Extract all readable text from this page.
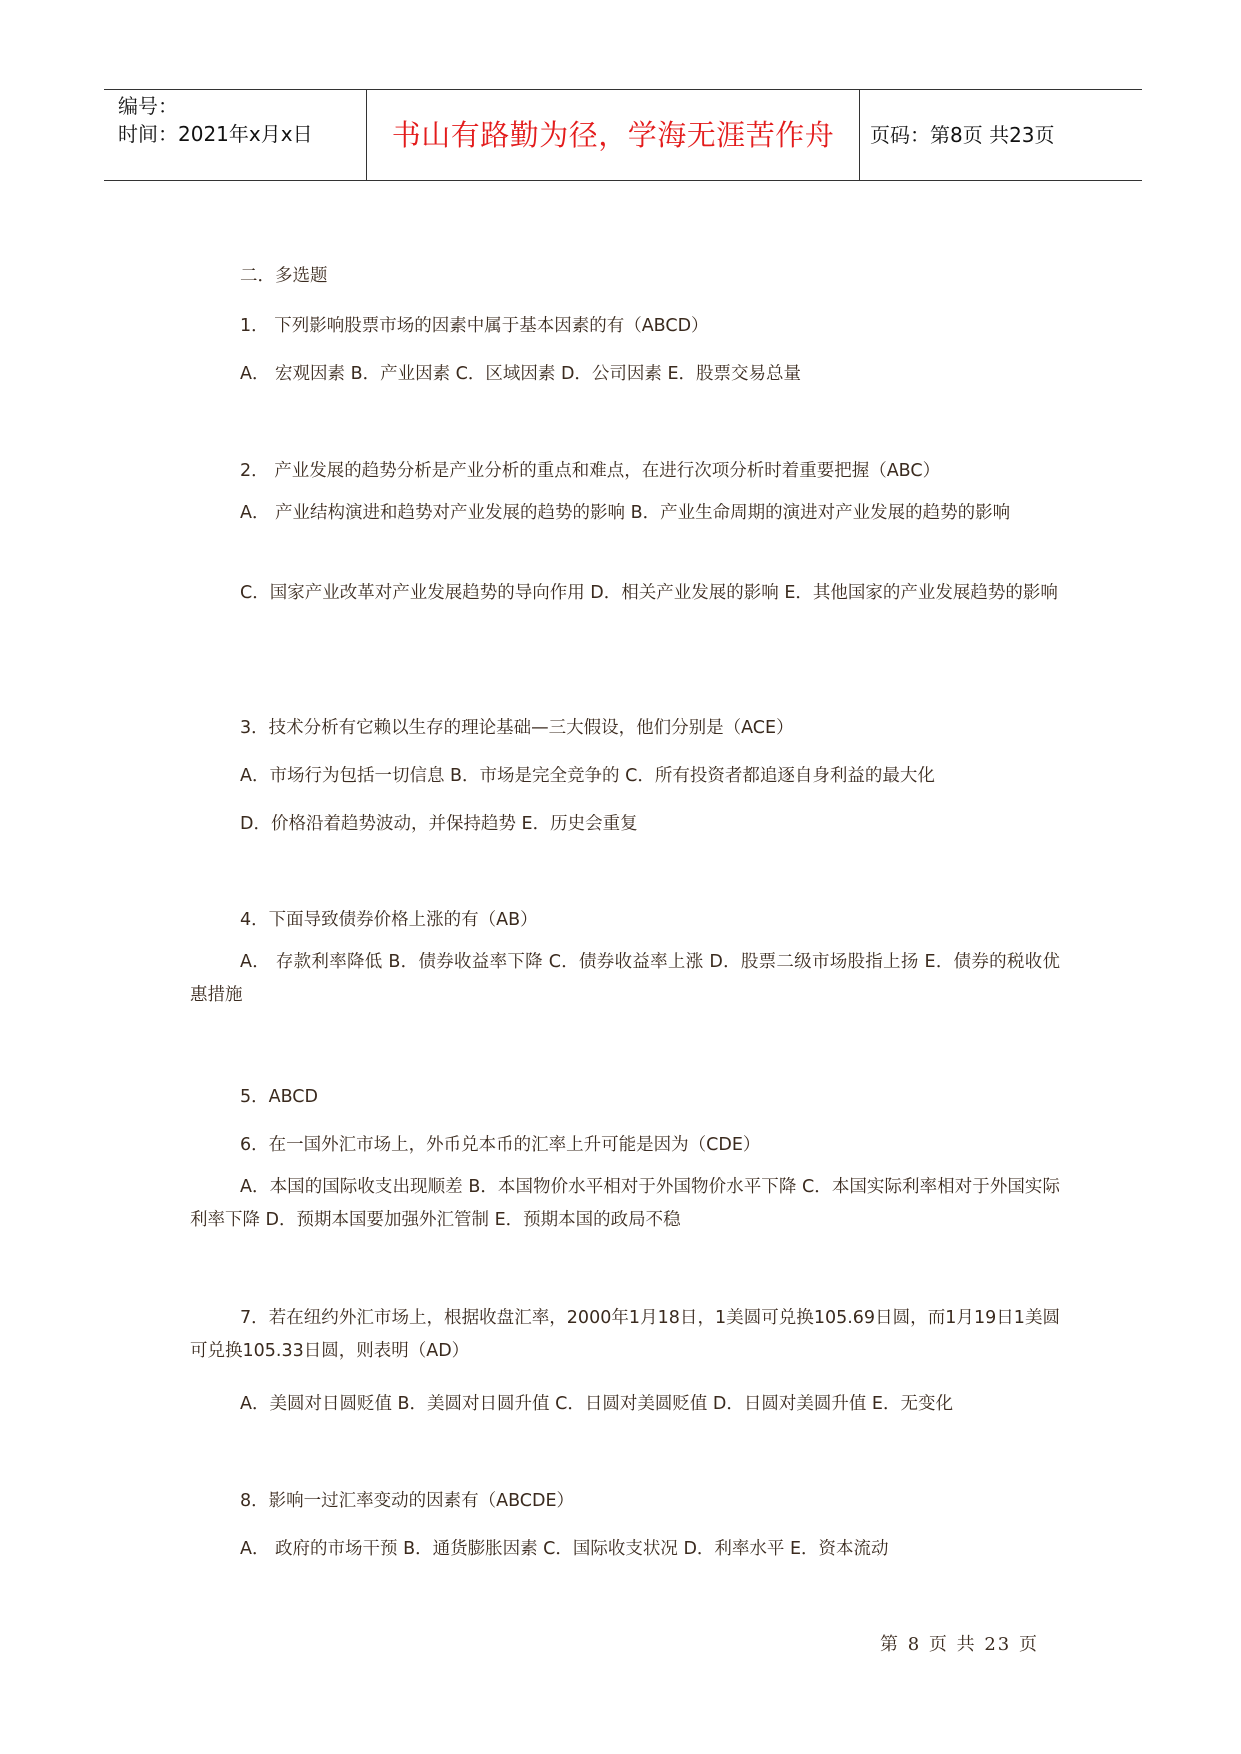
编号：
时间：2021年x月x日	书山有路勤为径，学海无涯苦作舟	页码：第8页 共23页
二．多选题
1． 下列影响股票市场的因素中属于基本因素的有（ABCD）
A． 宏观因素 B．产业因素 C．区域因素 D．公司因素 E．股票交易总量
2． 产业发展的趋势分析是产业分析的重点和难点，在进行次项分析时着重要把握（ABC）
A． 产业结构演进和趋势对产业发展的趋势的影响 B．产业生命周期的演进对产业发展的趋势的影响
C．国家产业改革对产业发展趋势的导向作用 D．相关产业发展的影响 E．其他国家的产业发展趋势的影响
3．技术分析有它赖以生存的理论基础—三大假设，他们分别是（ACE）
A．市场行为包括一切信息 B．市场是完全竞争的 C．所有投资者都追逐自身利益的最大化
D．价格沿着趋势波动，并保持趋势 E．历史会重复
4．下面导致债券价格上涨的有（AB）
A． 存款利率降低 B．债券收益率下降 C．债券收益率上涨 D．股票二级市场股指上扬 E．债券的税收优惠措施
5．ABCD
6．在一国外汇市场上，外币兑本币的汇率上升可能是因为（CDE）
A．本国的国际收支出现顺差 B．本国物价水平相对于外国物价水平下降 C．本国实际利率相对于外国实际利率下降 D．预期本国要加强外汇管制 E．预期本国的政局不稳
7．若在纽约外汇市场上，根据收盘汇率，2000年1月18日，1美圆可兑换105.69日圆，而1月19日1美圆可兑换105.33日圆，则表明（AD）
A．美圆对日圆贬值 B．美圆对日圆升值 C．日圆对美圆贬值 D．日圆对美圆升值 E．无变化
8．影响一过汇率变动的因素有（ABCDE）
A． 政府的市场干预 B．通货膨胀因素 C．国际收支状况 D．利率水平 E．资本流动
第 8 页 共 23 页
